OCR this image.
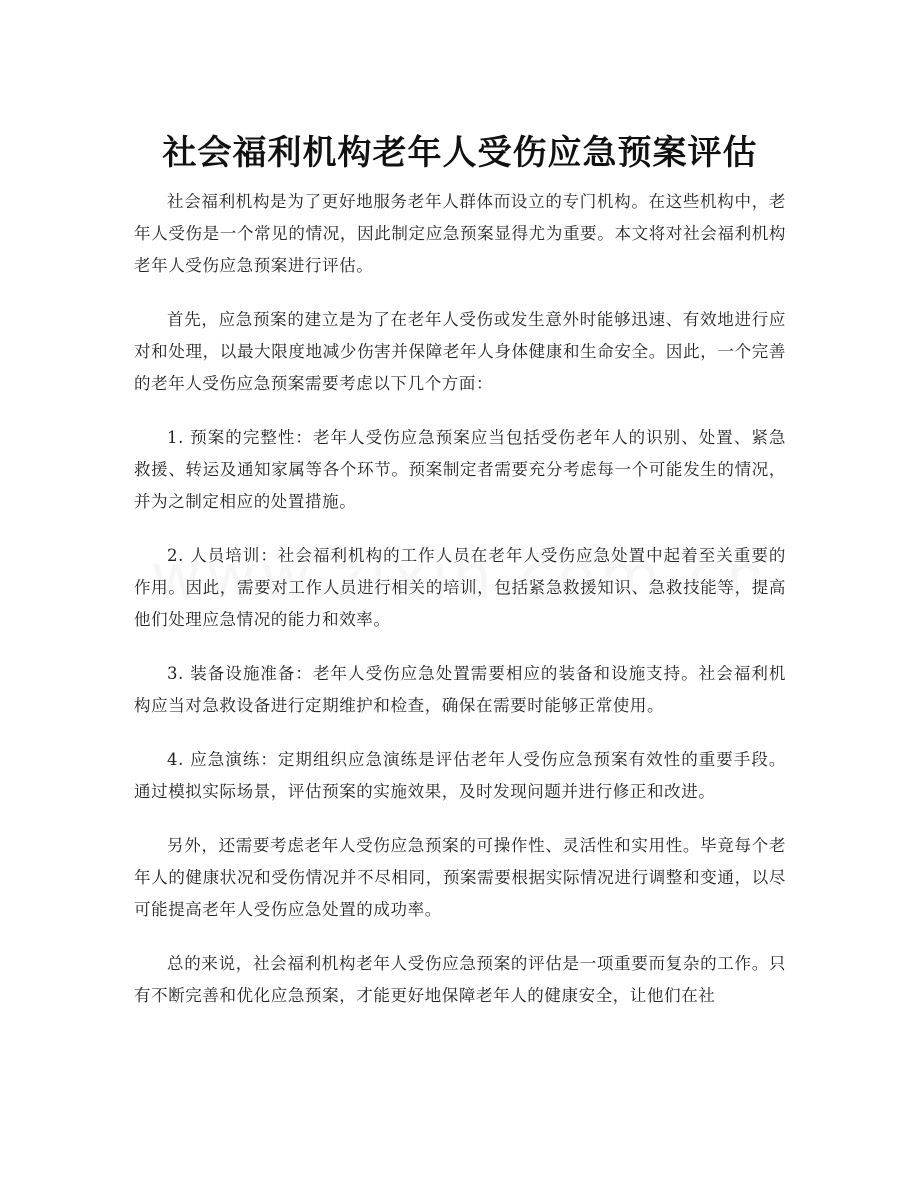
社会福利机构老年人受伤应急预案评估

社会福利机构是为了更好地服务老年人群体而设立的专门机构。在这些机构中，老年人受伤是一个常见的情况，因此制定应急预案显得尤为重要。本文将对社会福利机构老年人受伤应急预案进行评估。

首先，应急预案的建立是为了在老年人受伤或发生意外时能够迅速、有效地进行应对和处理，以最大限度地减少伤害并保障老年人身体健康和生命安全。因此，一个完善的老年人受伤应急预案需要考虑以下几个方面：

1. 预案的完整性：老年人受伤应急预案应当包括受伤老年人的识别、处置、紧急救援、转运及通知家属等各个环节。预案制定者需要充分考虑每一个可能发生的情况，并为之制定相应的处置措施。

2. 人员培训：社会福利机构的工作人员在老年人受伤应急处置中起着至关重要的作用。因此，需要对工作人员进行相关的培训，包括紧急救援知识、急救技能等，提高他们处理应急情况的能力和效率。

3. 装备设施准备：老年人受伤应急处置需要相应的装备和设施支持。社会福利机构应当对急救设备进行定期维护和检查，确保在需要时能够正常使用。

4. 应急演练：定期组织应急演练是评估老年人受伤应急预案有效性的重要手段。通过模拟实际场景，评估预案的实施效果，及时发现问题并进行修正和改进。

另外，还需要考虑老年人受伤应急预案的可操作性、灵活性和实用性。毕竟每个老年人的健康状况和受伤情况并不尽相同，预案需要根据实际情况进行调整和变通，以尽可能提高老年人受伤应急处置的成功率。

总的来说，社会福利机构老年人受伤应急预案的评估是一项重要而复杂的工作。只有不断完善和优化应急预案，才能更好地保障老年人的健康安全，让他们在社
